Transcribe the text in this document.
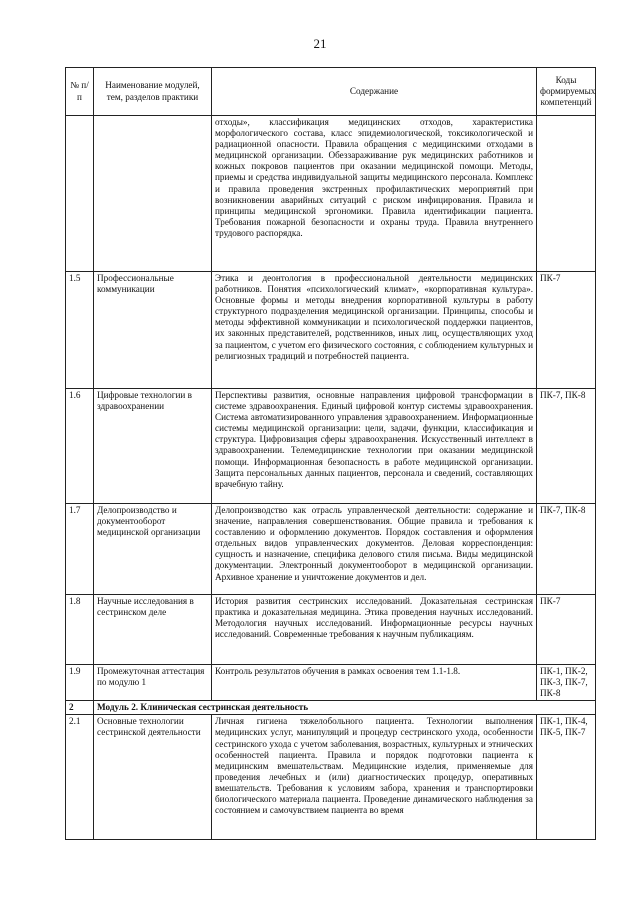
21
№ п/п	Наименование модулей, тем, разделов практики	Содержание	Коды формируемых компетенций
		отходы», классификация медицинских отходов, характеристика морфологического состава, класс эпидемиологической, токсикологической и радиационной опасности. Правила обращения с медицинскими отходами в медицинской организации. Обеззараживание рук медицинских работников и кожных покровов пациентов при оказании медицинской помощи. Методы, приемы и средства индивидуальной защиты медицинского персонала. Комплекс и правила проведения экстренных профилактических мероприятий при возникновении аварийных ситуаций с риском инфицирования. Правила и принципы медицинской эргономики. Правила идентификации пациента. Требования пожарной безопасности и охраны труда. Правила внутреннего трудового распорядка.	
1.5	Профессиональные коммуникации	Этика и деонтология в профессиональной деятельности медицинских работников. Понятия «психологический климат», «корпоративная культура». Основные формы и методы внедрения корпоративной культуры в работу структурного подразделения медицинской организации. Принципы, способы и методы эффективной коммуникации и психологической поддержки пациентов, их законных представителей, родственников, иных лиц, осуществляющих уход за пациентом, с учетом его физического состояния, с соблюдением культурных и религиозных традиций и потребностей пациента.	ПК-7
1.6	Цифровые технологии в здравоохранении	Перспективы развития, основные направления цифровой трансформации в системе здравоохранения. Единый цифровой контур системы здравоохранения. Система автоматизированного управления здравоохранением. Информационные системы медицинской организации: цели, задачи, функции, классификация и структура. Цифровизация сферы здравоохранения. Искусственный интеллект в здравоохранении. Телемедицинские технологии при оказании медицинской помощи. Информационная безопасность в работе медицинской организации. Защита персональных данных пациентов, персонала и сведений, составляющих врачебную тайну.	ПК-7, ПК-8
1.7	Делопроизводство и документооборот медицинской организации	Делопроизводство как отрасль управленческой деятельности: содержание и значение, направления совершенствования. Общие правила и требования к составлению и оформлению документов. Порядок составления и оформления отдельных видов управленческих документов. Деловая корреспонденция: сущность и назначение, специфика делового стиля письма. Виды медицинской документации. Электронный документооборот в медицинской организации. Архивное хранение и уничтожение документов и дел.	ПК-7, ПК-8
1.8	Научные исследования в сестринском деле	История развития сестринских исследований. Доказательная сестринская практика и доказательная медицина. Этика проведения научных исследований. Методология научных исследований. Информационные ресурсы научных исследований. Современные требования к научным публикациям.	ПК-7
1.9	Промежуточная аттестация по модулю 1	Контроль результатов обучения в рамках освоения тем 1.1-1.8.	ПК-1, ПК-2, ПК-3, ПК-7, ПК-8
2	Модуль 2. Клиническая сестринская деятельность		
2.1	Основные технологии сестринской деятельности	Личная гигиена тяжелобольного пациента. Технологии выполнения медицинских услуг, манипуляций и процедур сестринского ухода, особенности сестринского ухода с учетом заболевания, возрастных, культурных и этнических особенностей пациента. Правила и порядок подготовки пациента к медицинским вмешательствам. Медицинские изделия, применяемые для проведения лечебных и (или) диагностических процедур, оперативных вмешательств. Требования к условиям забора, хранения и транспортировки биологического материала пациента. Проведение динамического наблюдения за состоянием и самочувствием пациента во время	ПК-1, ПК-4, ПК-5, ПК-7
